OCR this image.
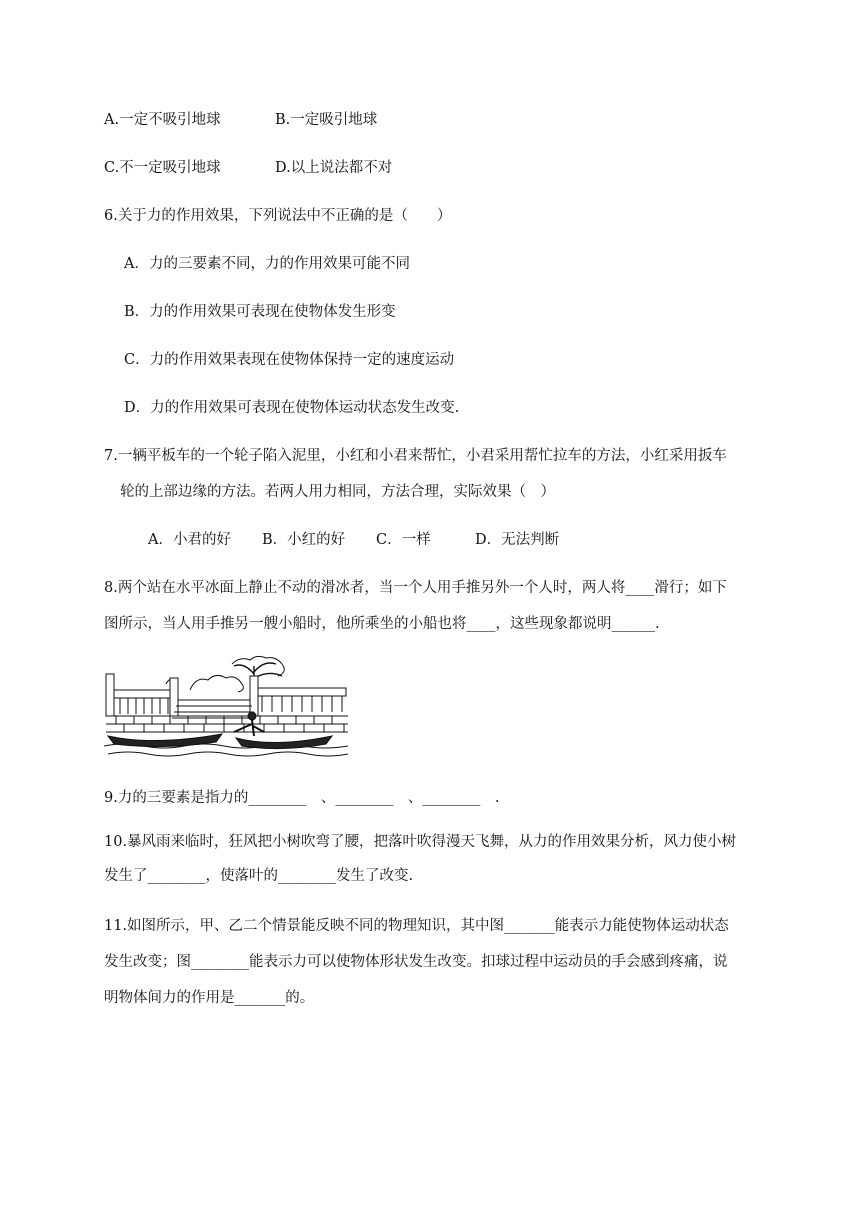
A.一定不吸引地球	B.一定吸引地球
C.不一定吸引地球	D.以上说法都不对
6.关于力的作用效果，下列说法中不正确的是（　　）
A．力的三要素不同，力的作用效果可能不同
B．力的作用效果可表现在使物体发生形变
C．力的作用效果表现在使物体保持一定的速度运动
D．力的作用效果可表现在使物体运动状态发生改变.
7.一辆平板车的一个轮子陷入泥里，小红和小君来帮忙，小君采用帮忙拉车的方法，小红采用扳车
轮的上部边缘的方法。若两人用力相同，方法合理，实际效果（　）
A．小君的好 B．小红的好 C．一样	D．无法判断
8.两个站在水平冰面上静止不动的滑冰者，当一个人用手推另外一个人时，两人将____滑行；如下
图所示，当人用手推另一艘小船时，他所乘坐的小船也将____，这些现象都说明______.
9.力的三要素是指力的________　、________　、________　.
10.暴风雨来临时，狂风把小树吹弯了腰，把落叶吹得漫天飞舞，从力的作用效果分析，风力使小树
发生了________，使落叶的________发生了改变.
11.如图所示，甲、乙二个情景能反映不同的物理知识，其中图_______能表示力能使物体运动状态
发生改变；图________能表示力可以使物体形状发生改变。扣球过程中运动员的手会感到疼痛，说
明物体间力的作用是_______的。
